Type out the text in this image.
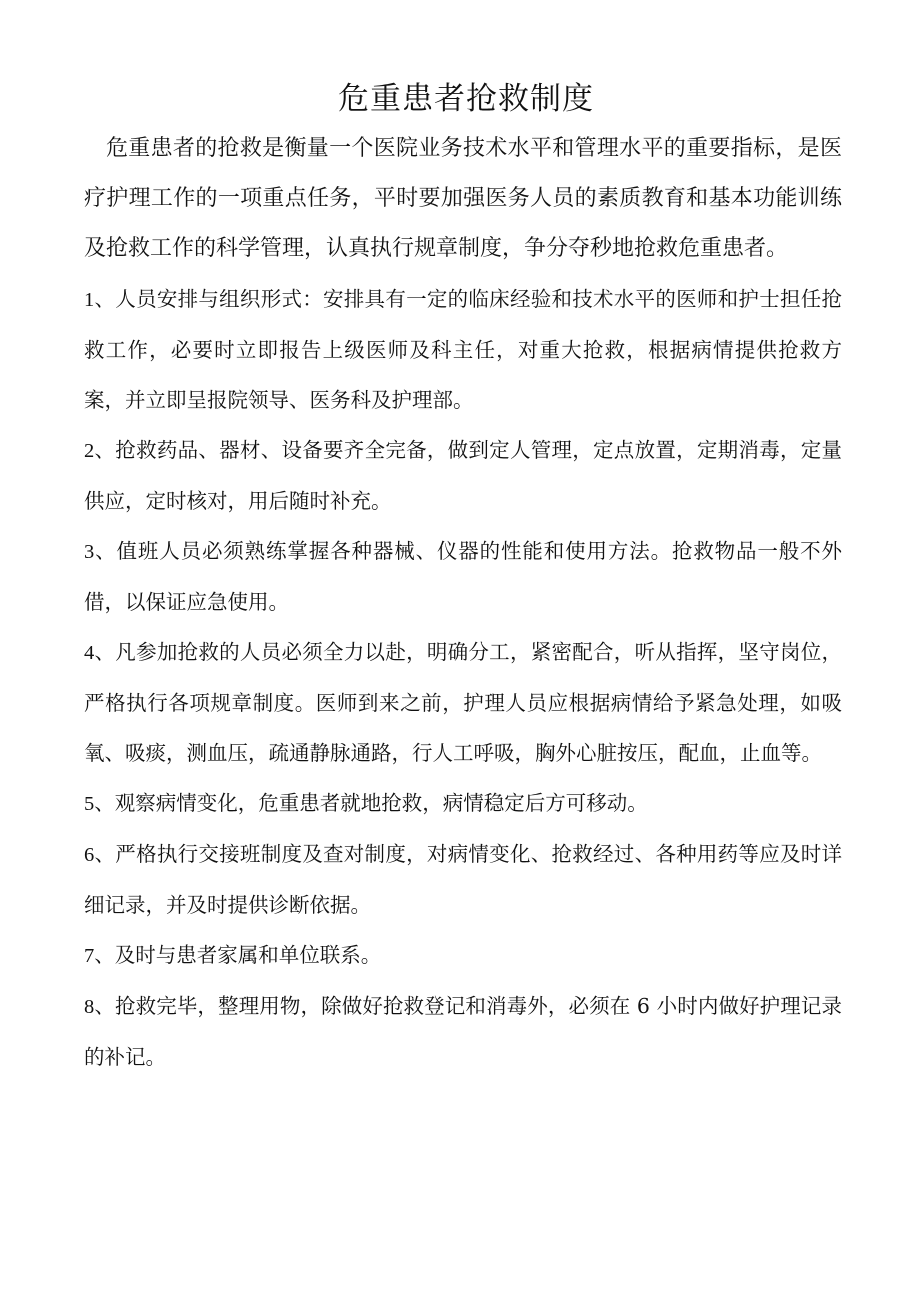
危重患者抢救制度

危重患者的抢救是衡量一个医院业务技术水平和管理水平的重要指标，是医疗护理工作的一项重点任务，平时要加强医务人员的素质教育和基本功能训练及抢救工作的科学管理，认真执行规章制度，争分夺秒地抢救危重患者。

1、人员安排与组织形式：安排具有一定的临床经验和技术水平的医师和护士担任抢救工作，必要时立即报告上级医师及科主任，对重大抢救，根据病情提供抢救方案，并立即呈报院领导、医务科及护理部。

2、抢救药品、器材、设备要齐全完备，做到定人管理，定点放置，定期消毒，定量供应，定时核对，用后随时补充。

3、值班人员必须熟练掌握各种器械、仪器的性能和使用方法。抢救物品一般不外借，以保证应急使用。

4、凡参加抢救的人员必须全力以赴，明确分工，紧密配合，听从指挥，坚守岗位，严格执行各项规章制度。医师到来之前，护理人员应根据病情给予紧急处理，如吸氧、吸痰，测血压，疏通静脉通路，行人工呼吸，胸外心脏按压，配血，止血等。

5、观察病情变化，危重患者就地抢救，病情稳定后方可移动。

6、严格执行交接班制度及查对制度，对病情变化、抢救经过、各种用药等应及时详细记录，并及时提供诊断依据。

7、及时与患者家属和单位联系。

8、抢救完毕，整理用物，除做好抢救登记和消毒外，必须在 6 小时内做好护理记录的补记。
